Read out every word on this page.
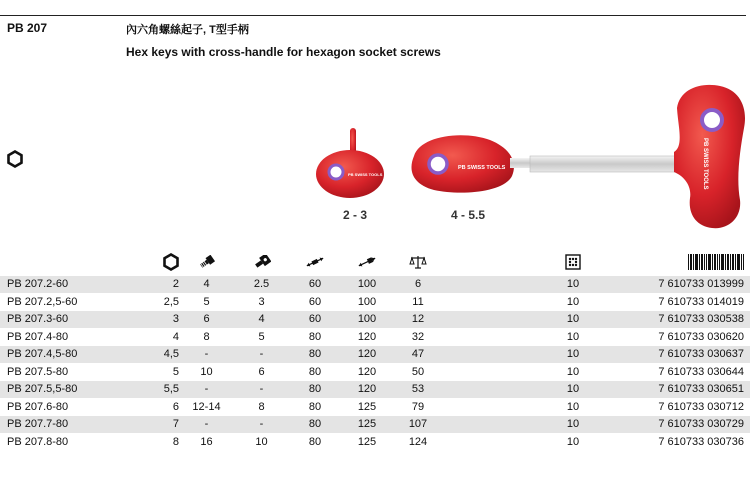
PB 207	內六角螺絲起子, T型手柄
Hex keys with cross-handle for hexagon socket screws
PB SWISS TOOLS
PB SWISS TOOLS	PB SWISS TOOLS
2 - 3	4 - 5.5

PB 207.2-60	2	4	2.5	60	100	6		10	7 610733 013999
PB 207.2,5-60	2,5	5	3	60	100	11		10	7 610733 014019
PB 207.3-60	3	6	4	60	100	12		10	7 610733 030538
PB 207.4-80	4	8	5	80	120	32		10	7 610733 030620
PB 207.4,5-80	4,5	-	-	80	120	47		10	7 610733 030637
PB 207.5-80	5	10	6	80	120	50		10	7 610733 030644
PB 207.5,5-80	5,5	-	-	80	120	53		10	7 610733 030651
PB 207.6-80	6	12-14	8	80	125	79		10	7 610733 030712
PB 207.7-80	7	-	-	80	125	107		10	7 610733 030729
PB 207.8-80	8	16	10	80	125	124		10	7 610733 030736
